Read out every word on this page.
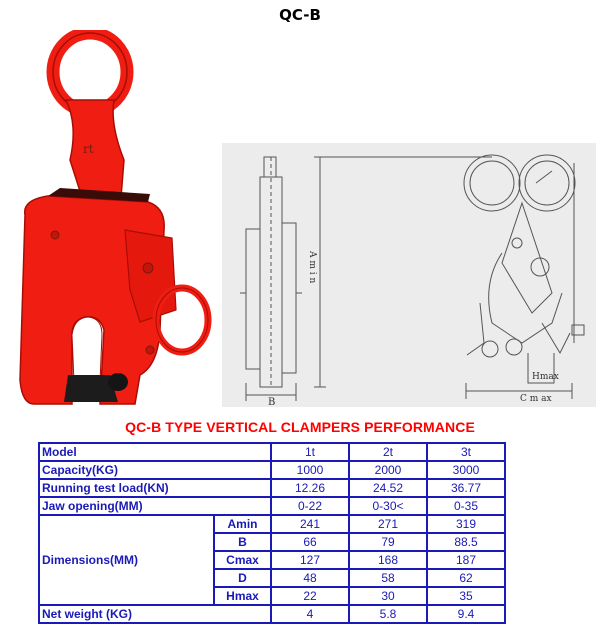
QC-B
rt
A m i n
B
Hmax
C m ax
QC-B TYPE VERTICAL CLAMPERS PERFORMANCE
Model		1t	2t	3t
Capacity(KG)		1000	2000	3000
Running test load(KN)		12.26	24.52	36.77
Jaw opening(MM)		0-22	0-30<	0-35
Dimensions(MM)	Amin	241	271	319
	B	66	79	88.5
	Cmax	127	168	187
	D	48	58	62
	Hmax	22	30	35
Net weight (KG)		4	5.8	9.4
